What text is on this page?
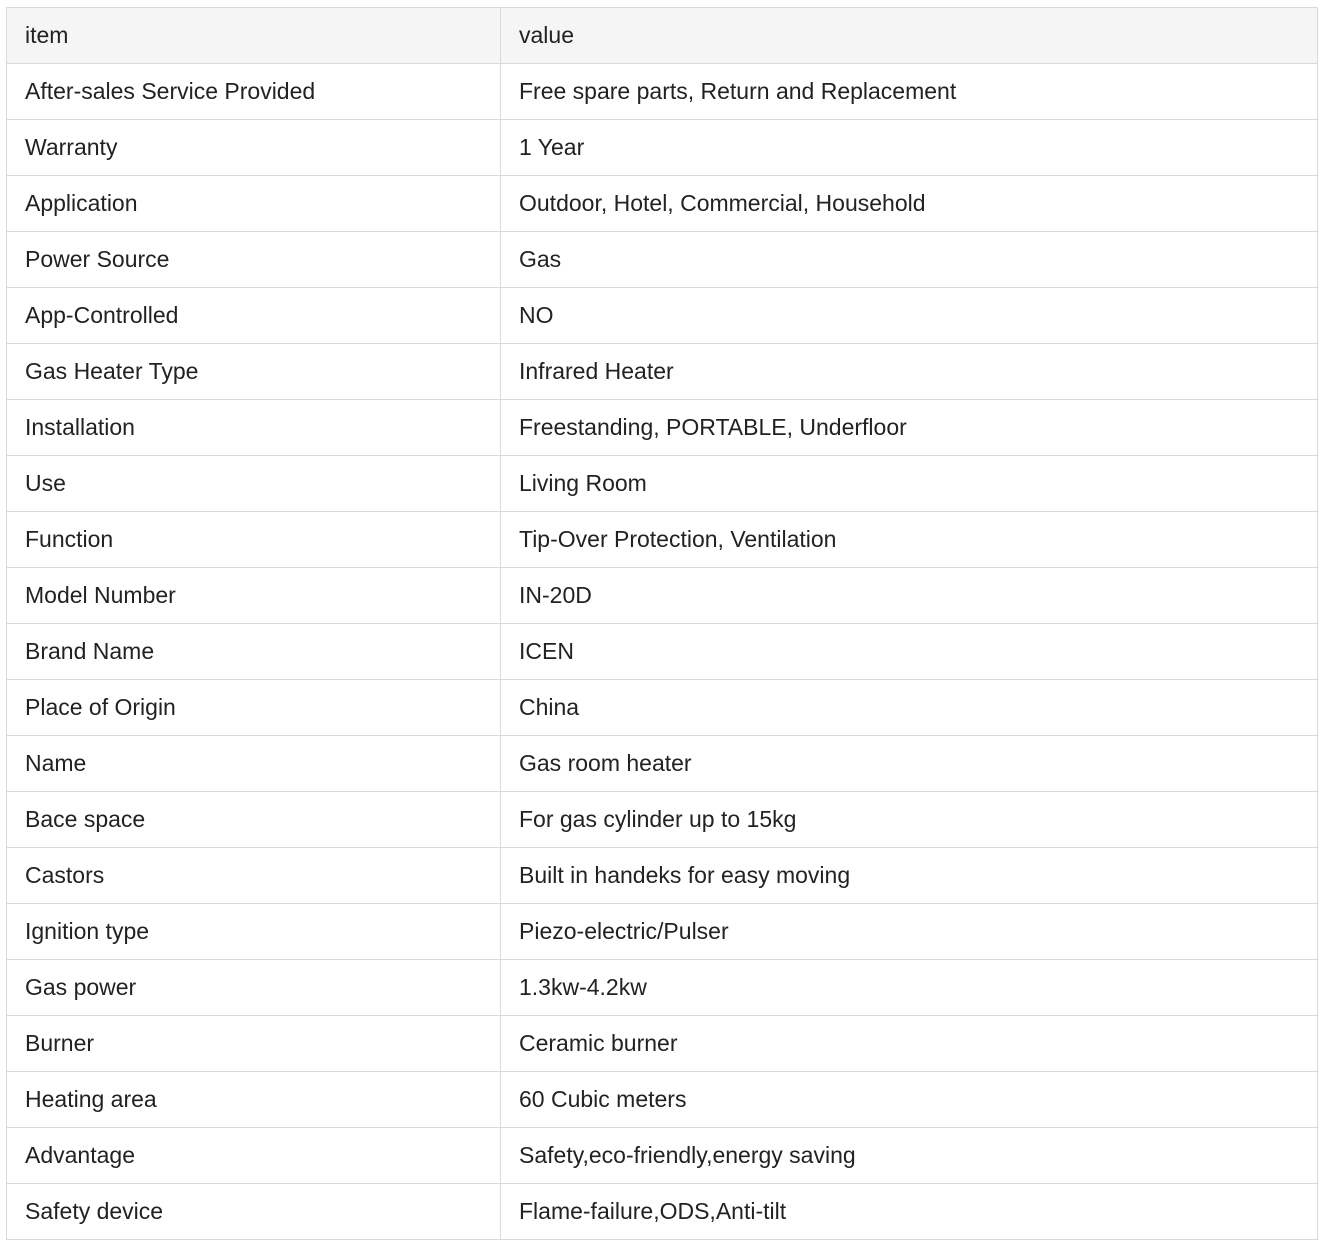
item	value
After-sales Service Provided	Free spare parts, Return and Replacement
Warranty	1 Year
Application	Outdoor, Hotel, Commercial, Household
Power Source	Gas
App-Controlled	NO
Gas Heater Type	Infrared Heater
Installation	Freestanding, PORTABLE, Underfloor
Use	Living Room
Function	Tip-Over Protection, Ventilation
Model Number	IN-20D
Brand Name	ICEN
Place of Origin	China
Name	Gas room heater
Bace space	For gas cylinder up to 15kg
Castors	Built in handeks for easy moving
Ignition type	Piezo-electric/Pulser
Gas power	1.3kw-4.2kw
Burner	Ceramic burner
Heating area	60 Cubic meters
Advantage	Safety,eco-friendly,energy saving
Safety device	Flame-failure,ODS,Anti-tilt
